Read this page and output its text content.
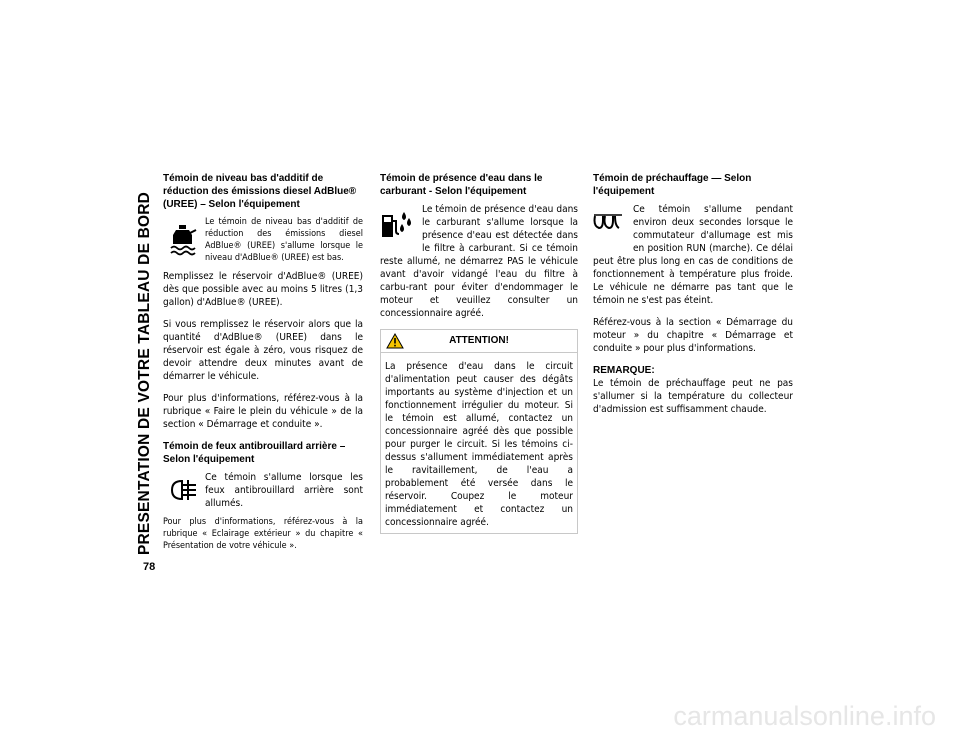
PRESENTATION DE VOTRE TABLEAU DE BORD
78
Témoin de niveau bas d'additif de réduction des émissions diesel AdBlue® (UREE) – Selon l'équipement

Le témoin de niveau bas d'additif de réduction des émissions diesel AdBlue® (UREE) s'allume lorsque le niveau d'AdBlue® (UREE) est bas.

Remplissez le réservoir d'AdBlue® (UREE) dès que possible avec au moins 5 litres (1,3 gallon) d'AdBlue® (UREE).

Si vous remplissez le réservoir alors que la quantité d'AdBlue® (UREE) dans le réservoir est égale à zéro, vous risquez de devoir attendre deux minutes avant de démarrer le véhicule.

Pour plus d'informations, référez-vous à la rubrique « Faire le plein du véhicule » de la section « Démarrage et conduite ».

Témoin de feux antibrouillard arrière – Selon l'équipement

Ce témoin s'allume lorsque les feux antibrouillard arrière sont allumés.

Pour plus d'informations, référez-vous à la rubrique « Eclairage extérieur » du chapitre « Présentation de votre véhicule ».

Témoin de présence d'eau dans le carburant - Selon l'équipement

Le témoin de présence d'eau dans le carburant s'allume lorsque la présence d'eau est détectée dans le filtre à carburant. Si ce témoin reste allumé, ne démarrez PAS le véhicule avant d'avoir vidangé l'eau du filtre à carbu-rant pour éviter d'endommager le moteur et veuillez consulter un concessionnaire agréé.

ATTENTION!
La présence d'eau dans le circuit d'alimentation peut causer des dégâts importants au système d'injection et un fonctionnement irrégulier du moteur. Si le témoin est allumé, contactez un concessionnaire agréé dès que possible pour purger le circuit. Si les témoins ci-dessus s'allument immédiatement après le ravitaillement, de l'eau a probablement été versée dans le réservoir. Coupez le moteur immédiatement et contactez un concessionnaire agréé.
Témoin de préchauffage — Selon l'équipement

Ce témoin s'allume pendant environ deux secondes lorsque le commutateur d'allumage est mis en position RUN (marche). Ce délai peut être plus long en cas de conditions de fonctionnement à température plus froide. Le véhicule ne démarre pas tant que le témoin ne s'est pas éteint.

Référez-vous à la section « Démarrage du moteur » du chapitre « Démarrage et conduite » pour plus d'informations.

REMARQUE:
Le témoin de préchauffage peut ne pas s'allumer si la température du collecteur d'admission est suffisamment chaude.

carmanualsonline.info
